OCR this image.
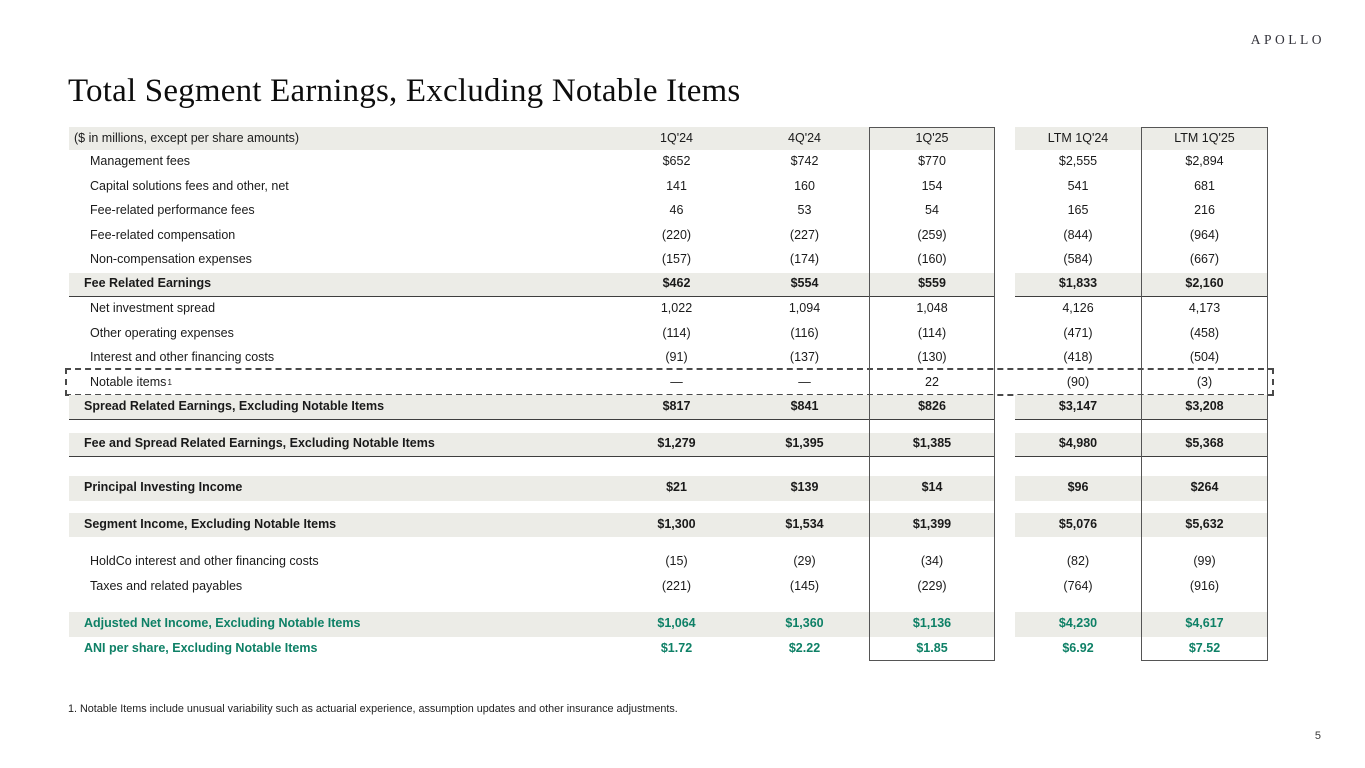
APOLLO
Total Segment Earnings, Excluding Notable Items
($ in millions, except per share amounts)	1Q'24	4Q'24	1Q'25	LTM 1Q'24	LTM 1Q'25
Management fees	$652	$742	$770	$2,555	$2,894
Capital solutions fees and other, net	141	160	154	541	681
Fee-related performance fees	46	53	54	165	216
Fee-related compensation	(220)	(227)	(259)	(844)	(964)
Non-compensation expenses	(157)	(174)	(160)	(584)	(667)
Fee Related Earnings	$462	$554	$559	$1,833	$2,160
Net investment spread	1,022	1,094	1,048	4,126	4,173
Other operating expenses	(114)	(116)	(114)	(471)	(458)
Interest and other financing costs	(91)	(137)	(130)	(418)	(504)
Notable items 1	—	—	22	(90)	(3)
Spread Related Earnings, Excluding Notable Items	$817	$841	$826	$3,147	$3,208
Fee and Spread Related Earnings, Excluding Notable Items	$1,279	$1,395	$1,385	$4,980	$5,368
Principal Investing Income	$21	$139	$14	$96	$264
Segment Income, Excluding Notable Items	$1,300	$1,534	$1,399	$5,076	$5,632
HoldCo interest and other financing costs	(15)	(29)	(34)	(82)	(99)
Taxes and related payables	(221)	(145)	(229)	(764)	(916)
Adjusted Net Income, Excluding Notable Items	$1,064	$1,360	$1,136	$4,230	$4,617
ANI per share, Excluding Notable Items	$1.72	$2.22	$1.85	$6.92	$7.52
1. Notable Items include unusual variability such as actuarial experience, assumption updates and other insurance adjustments.
5
